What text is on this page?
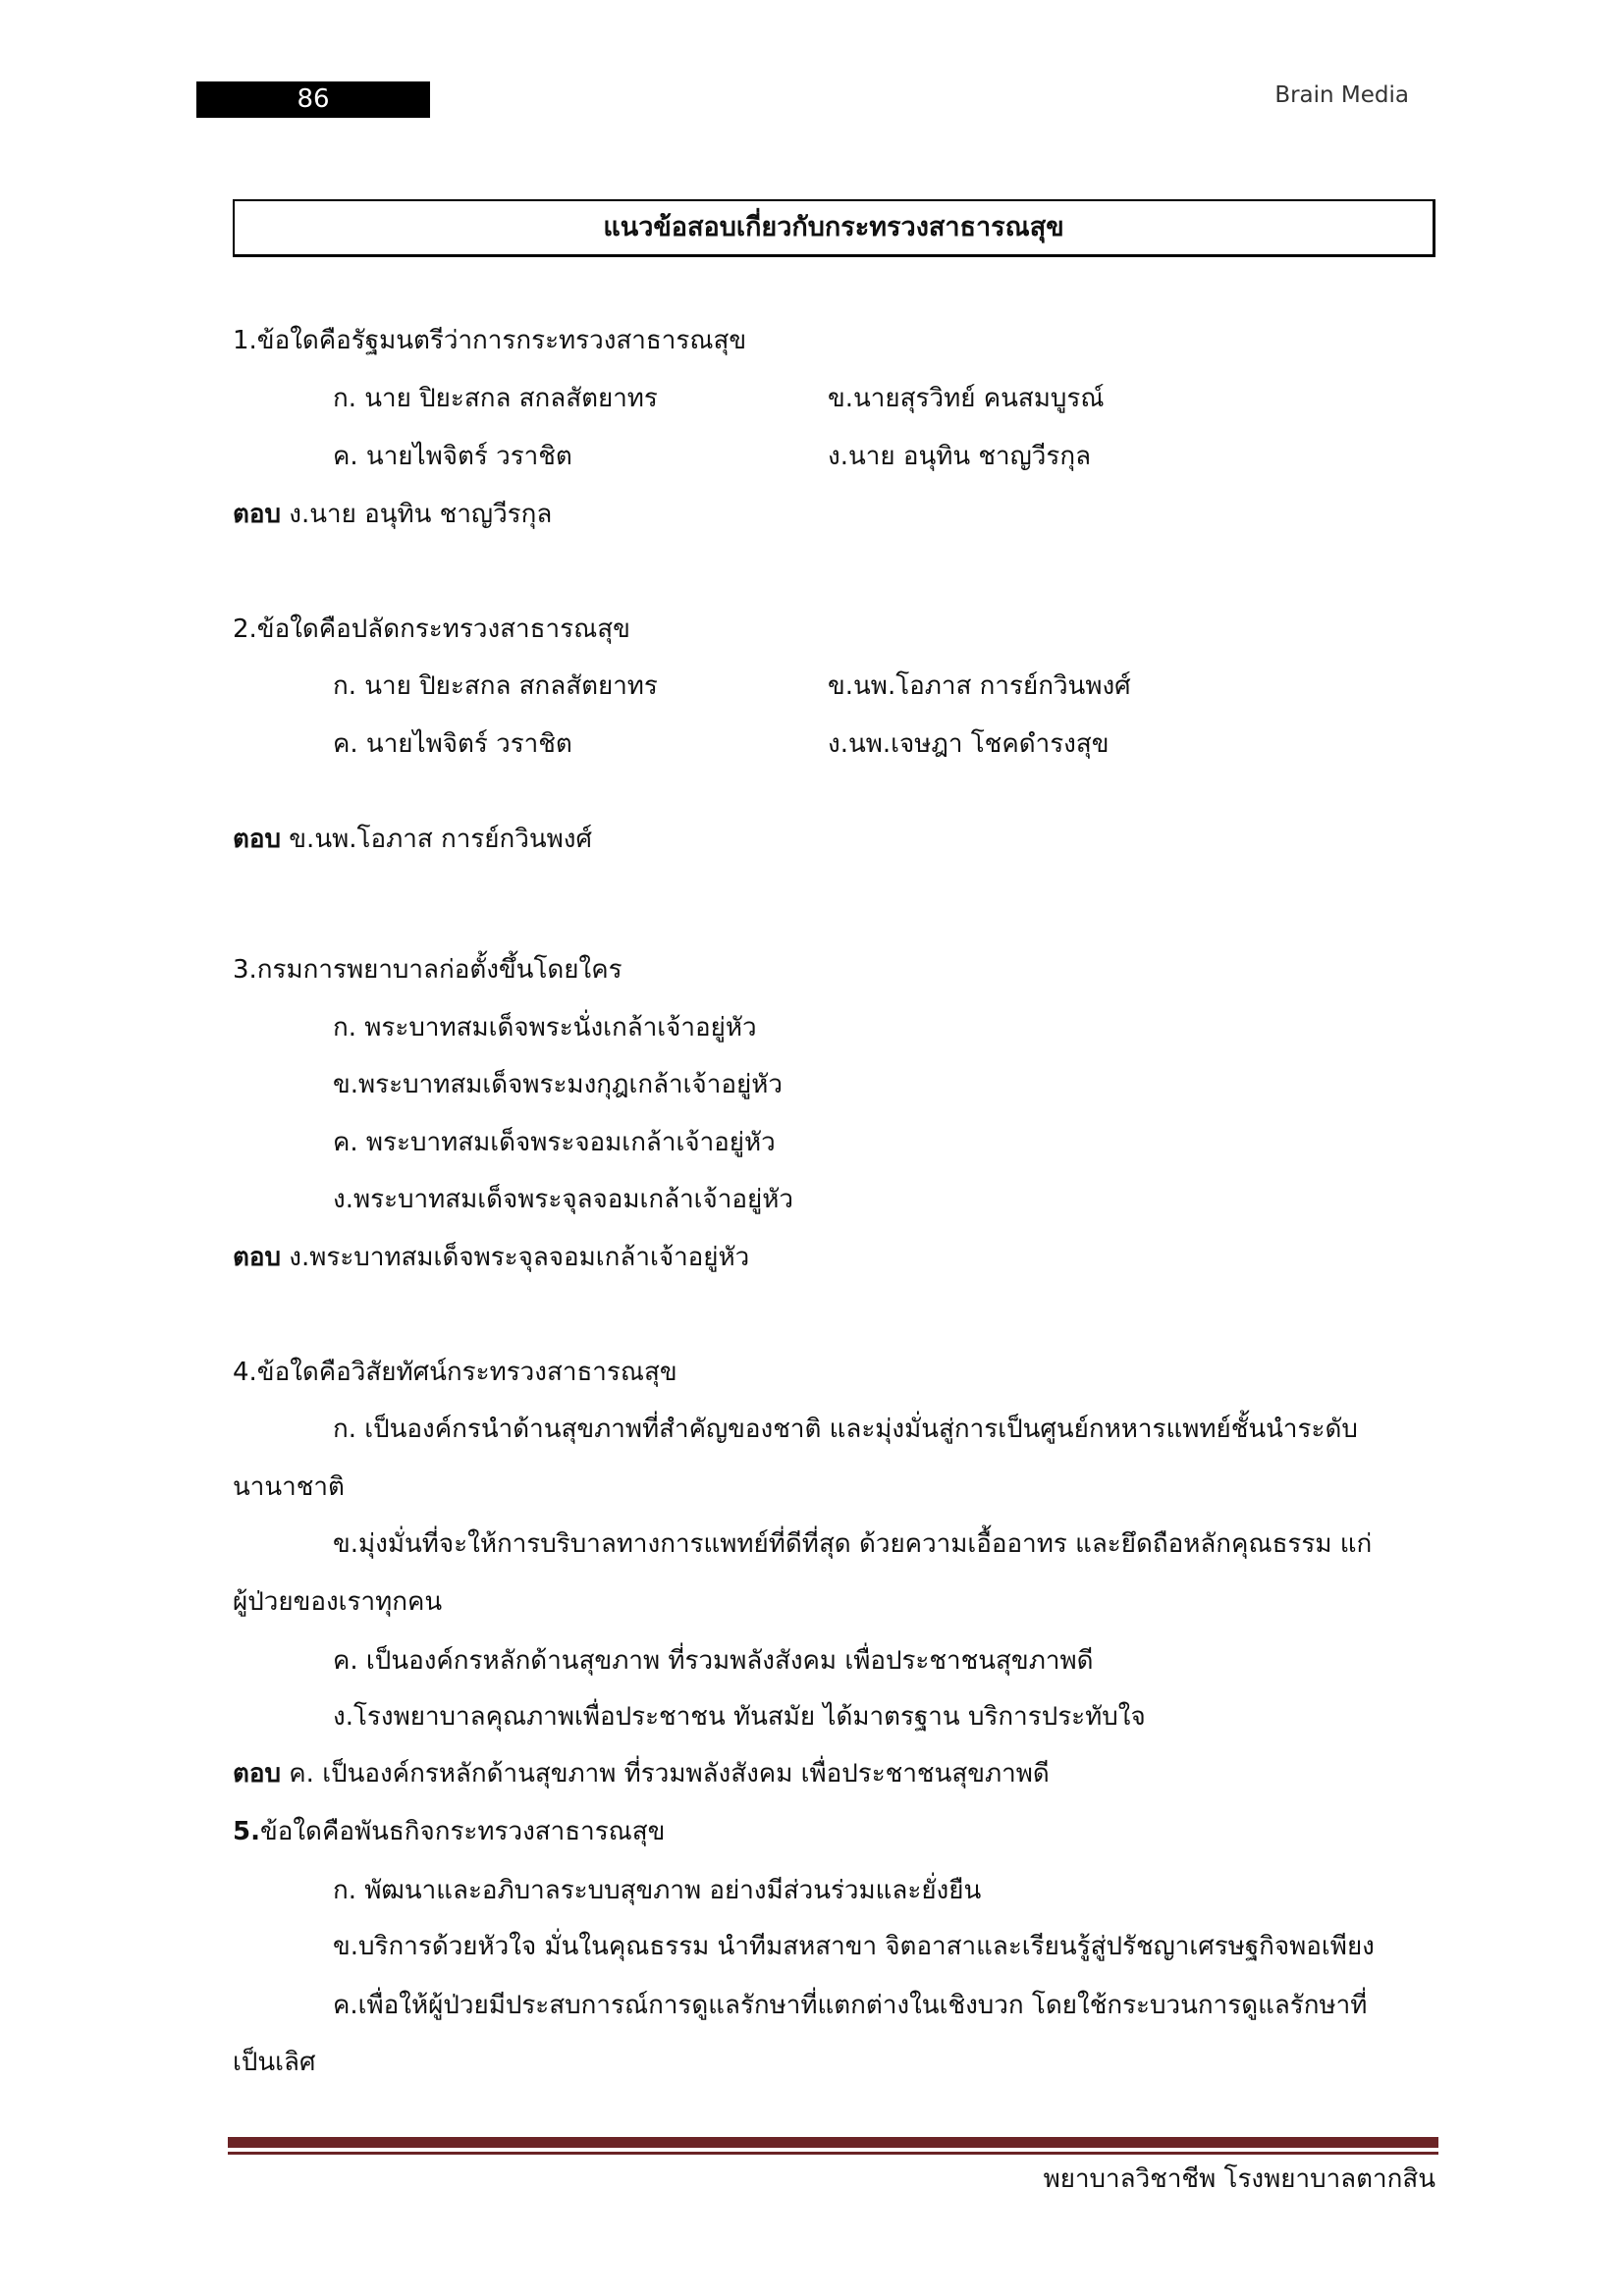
86	Brain Media
แนวข้อสอบเกี่ยวกับกระทรวงสาธารณสุข
1.ข้อใดคือรัฐมนตรีว่าการกระทรวงสาธารณสุข
ก. นาย ปิยะสกล สกลสัตยาทร	ข.นายสุรวิทย์ คนสมบูรณ์
ค. นายไพจิตร์ วราชิต	ง.นาย อนุทิน ชาญวีรกุล
ตอบ ง.นาย อนุทิน ชาญวีรกุล
2.ข้อใดคือปลัดกระทรวงสาธารณสุข
ก. นาย ปิยะสกล สกลสัตยาทร	ข.นพ.โอภาส การย์กวินพงศ์
ค. นายไพจิตร์ วราชิต	ง.นพ.เจษฎา โชคดำรงสุข
ตอบ ข.นพ.โอภาส การย์กวินพงศ์
3.กรมการพยาบาลก่อตั้งขึ้นโดยใคร
ก. พระบาทสมเด็จพระนั่งเกล้าเจ้าอยู่หัว
ข.พระบาทสมเด็จพระมงกุฎเกล้าเจ้าอยู่หัว
ค. พระบาทสมเด็จพระจอมเกล้าเจ้าอยู่หัว
ง.พระบาทสมเด็จพระจุลจอมเกล้าเจ้าอยู่หัว
ตอบ ง.พระบาทสมเด็จพระจุลจอมเกล้าเจ้าอยู่หัว
4.ข้อใดคือวิสัยทัศน์กระทรวงสาธารณสุข
ก. เป็นองค์กรนำด้านสุขภาพที่สำคัญของชาติ และมุ่งมั่นสู่การเป็นศูนย์กหหารแพทย์ชั้นนำระดับ
นานาชาติ
ข.มุ่งมั่นที่จะให้การบริบาลทางการแพทย์ที่ดีที่สุด ด้วยความเอื้ออาทร และยึดถือหลักคุณธรรม แก่
ผู้ป่วยของเราทุกคน
ค. เป็นองค์กรหลักด้านสุขภาพ ที่รวมพลังสังคม เพื่อประชาชนสุขภาพดี
ง.โรงพยาบาลคุณภาพเพื่อประชาชน ทันสมัย ได้มาตรฐาน บริการประทับใจ
ตอบ ค. เป็นองค์กรหลักด้านสุขภาพ ที่รวมพลังสังคม เพื่อประชาชนสุขภาพดี
5.ข้อใดคือพันธกิจกระทรวงสาธารณสุข
ก. พัฒนาและอภิบาลระบบสุขภาพ อย่างมีส่วนร่วมและยั่งยืน
ข.บริการด้วยหัวใจ มั่นในคุณธรรม นำทีมสหสาขา จิตอาสาและเรียนรู้สู่ปรัชญาเศรษฐกิจพอเพียง
ค.เพื่อให้ผู้ป่วยมีประสบการณ์การดูแลรักษาที่แตกต่างในเชิงบวก โดยใช้กระบวนการดูแลรักษาที่
เป็นเลิศ
พยาบาลวิชาชีพ โรงพยาบาลตากสิน
